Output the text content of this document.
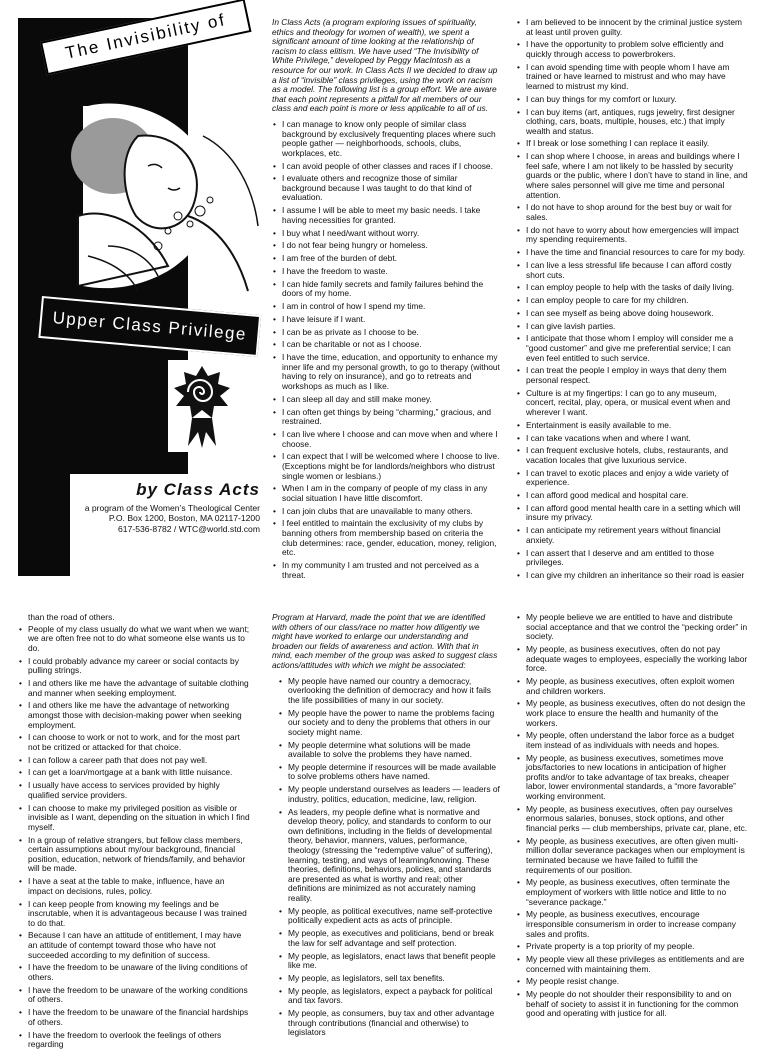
The Invisibility of
Upper Class Privilege
by Class Acts
a program of the Women’s Theological Center
P.O. Box 1200, Boston, MA 02117-1200
617-536-8782 / WTC@world.std.com

In Class Acts (a program exploring issues of spirituality, ethics and theology for women of wealth), we spent a significant amount of time looking at the relationship of racism to class elitism. We have used “The Invisibility of White Privilege,” developed by Peggy MacIntosh as a resource for our work. In Class Acts II we decided to draw up a list of “invisible” class privileges, using the work on racism as a model. The following list is a group effort. We are aware that each point represents a pitfall for all members of our class and each point is more or less applicable to all of us.

• I can manage to know only people of similar class background by exclusively frequenting places where such people gather — neighborhoods, schools, clubs, workplaces, etc.
• I can avoid people of other classes and races if I choose.
• I evaluate others and recognize those of similar background because I was taught to do that kind of evaluation.
• I assume I will be able to meet my basic needs. I take having necessities for granted.
• I buy what I need/want without worry.
• I do not fear being hungry or homeless.
• I am free of the burden of debt.
• I have the freedom to waste.
• I can hide family secrets and family failures behind the doors of my home.
• I am in control of how I spend my time.
• I have leisure if I want.
• I can be as private as I choose to be.
• I can be charitable or not as I choose.
• I have the time, education, and opportunity to enhance my inner life and my personal growth, to go to therapy (without having to rely on insurance), and go to retreats and workshops as much as I like.
• I can sleep all day and still make money.
• I can often get things by being “charming,” gracious, and restrained.
• I can live where I choose and can move when and where I choose.
• I can expect that I will be welcomed where I choose to live. (Exceptions might be for landlords/neighbors who distrust single women or lesbians.)
• When I am in the company of people of my class in any social situation I have little discomfort.
• I can join clubs that are unavailable to many others.
• I feel entitled to maintain the exclusivity of my clubs by banning others from membership based on criteria the club determines: race, gender, education, money, religion, etc.
• In my community I am trusted and not perceived as a threat.
• I am believed to be innocent by the criminal justice system at least until proven guilty.
• I have the opportunity to problem solve efficiently and quickly through access to powerbrokers.
• I can avoid spending time with people whom I have am trained or have learned to mistrust and who may have learned to mistrust my kind.
• I can buy things for my comfort or luxury.
• I can buy items (art, antiques, rugs jewelry, first designer clothing, cars, boats, multiple, houses, etc.) that imply wealth and status.
• If I break or lose something I can replace it easily.
• I can shop where I choose, in areas and buildings where I feel safe, where I am not likely to be hassled by security guards or the public, where I don’t have to stand in line, and where sales personnel will give me time and personal attention.
• I do not have to shop around for the best buy or wait for sales.
• I do not have to worry about how emergencies will impact my spending requirements.
• I have the time and financial resources to care for my body.
• I can live a less stressful life because I can afford costly short cuts.
• I can employ people to help with the tasks of daily living.
• I can employ people to care for my children.
• I can see myself as being above doing housework.
• I can give lavish parties.
• I anticipate that those whom I employ will consider me a “good customer” and give me preferential service; I can even feel entitled to such service.
• I can treat the people I employ in ways that deny them personal respect.
• Culture is at my fingertips: I can go to any museum, concert, recital, play, opera, or musical event when and wherever I want.
• Entertainment is easily available to me.
• I can take vacations when and where I want.
• I can frequent exclusive hotels, clubs, restaurants, and vacation locales that give luxurious service.
• I can travel to exotic places and enjoy a wide variety of experience.
• I can afford good medical and hospital care.
• I can afford good mental health care in a setting which will insure my privacy.
• I can anticipate my retirement years without financial anxiety.
• I can assert that I deserve and am entitled to those privileges.
• I can give my children an inheritance so their road is easier
than the road of others.
• People of my class usually do what we want when we want; we are often free not to do what someone else wants us to do.
• I could probably advance my career or social contacts by pulling strings.
• I and others like me have the advantage of suitable clothing and manner when seeking employment.
• I and others like me have the advantage of networking amongst those with decision-making power when seeking employment.
• I can choose to work or not to work, and for the most part not be critized or attacked for that choice.
• I can follow a career path that does not pay well.
• I can get a loan/mortgage at a bank with little nuisance.
• I usually have access to services provided by highly qualified service providers.
• I can choose to make my privileged position as visible or invisible as I want, depending on the situation in which I find myself.
• In a group of relative strangers, but fellow class members, certain assumptions about my/our background, financial position, education, network of friends/family, and behavior will be made.
• I have a seat at the table to make, influence, have an impact on decisions, rules, policy.
• I can keep people from knowing my feelings and be inscrutable, when it is advantageous because I was trained to do that.
• Because I can have an attitude of entitlement, I may have an attitude of contempt toward those who have not succeeded according to my definition of success.
• I have the freedom to be unaware of the living conditions of others.
• I have the freedom to be unaware of the working conditions of others.
• I have the freedom to be unaware of the financial hardships of others.
• I have the freedom to overlook the feelings of others regarding

Program at Harvard, made the point that we are identified with others of our class/race no matter how diligently we might have worked to enlarge our understanding and broaden our fields of awareness and action. With that in mind, each member of the group was asked to suggest class actions/attitudes with which we might be associated:

• My people have named our country a democracy, overlooking the definition of democracy and how it fails the life possibilities of many in our society.
• My people have the power to name the problems facing our society and to deny the problems that others in our society might name.
• My people determine what solutions will be made available to solve the problems they have named.
• My people determine if resources will be made available to solve problems others have named.
• My people understand ourselves as leaders — leaders of industry, politics, education, medicine, law, religion.
• As leaders, my people define what is normative and develop theory, policy, and standards to conform to our own definitions, including in the fields of developmental theory, behavior, manners, values, performance, theology (stressing the “redemptive value” of suffering), learning, testing, and ways of learning/knowing. These theories, definitions, behaviors, policies, and standards are presented as what is worthy and real; other definitions are minimized as not accurately naming reality.
• My people, as political executives, name self-protective politically expedient acts as acts of principle.
• My people, as executives and politicians, bend or break the law for self advantage and self protection.
• My people, as legislators, enact laws that benefit people like me.
• My people, as legislators, sell tax benefits.
• My people, as legislators, expect a payback for political and tax favors.
• My people, as consumers, buy tax and other advantage through contributions (financial and otherwise) to legislators
• My people believe we are entitled to have and distribute social acceptance and that we control the “pecking order” in society.
• My people, as business executives, often do not pay adequate wages to employees, especially the working labor force.
• My people, as business executives, often exploit women and children workers.
• My people, as business executives, often do not design the work place to ensure the health and humanity of the workers.
• My people, often understand the labor force as a budget item instead of as individuals with needs and hopes.
• My people, as business executives, sometimes move jobs/factories to new locations in anticipation of higher profits and/or to take advantage of tax breaks, cheaper labor, lower environmental standards, a “more favorable” working environment.
• My people, as business executives, often pay ourselves enormous salaries, bonuses, stock options, and other financial perks — club memberships, private car, plane, etc.
• My people, as business executives, are often given multi-million dollar severance packages when our employment is terminated because we have failed to fulfill the requirements of our position.
• My people, as business executives, often terminate the employment of workers with little notice and little to no “severance package.”
• My people, as business executives, encourage irresponsible consumerism in order to increase company sales and profits.
• Private property is a top priority of my people.
• My people view all these privileges as entitlements and are concerned with maintaining them.
• My people resist change.
• My people do not shoulder their responsibility to and on behalf of society to assist it in functioning for the common good and operating with justice for all.
